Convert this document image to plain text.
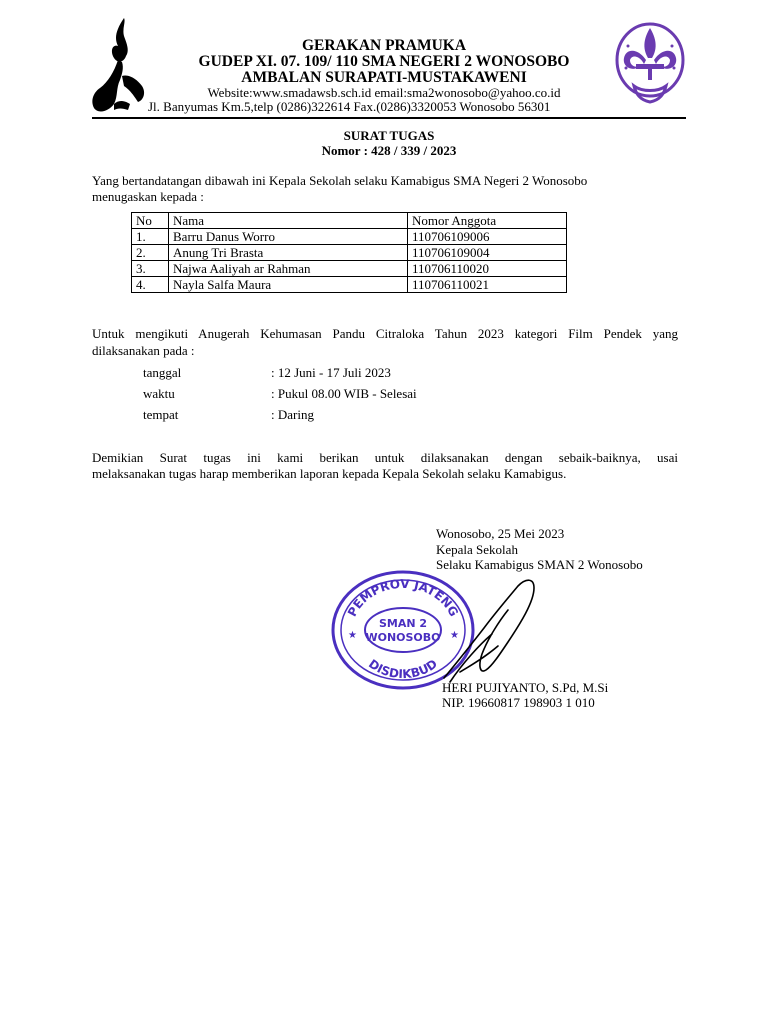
GERAKAN PRAMUKA
GUDEP XI. 07. 109/ 110 SMA NEGERI 2 WONOSOBO
AMBALAN SURAPATI-MUSTAKAWENI
Website:www.smadawsb.sch.id email:sma2wonosobo@yahoo.co.id
Jl. Banyumas Km.5,telp (0286)322614 Fax.(0286)3320053 Wonosobo 56301
SURAT TUGAS
Nomor : 428 / 339 / 2023
Yang bertandatangan dibawah ini Kepala Sekolah selaku Kamabigus SMA Negeri 2 Wonosobo
menugaskan kepada :
No	Nama	Nomor Anggota
1.	Barru Danus Worro	110706109006
2.	Anung Tri Brasta	110706109004
3.	Najwa Aaliyah ar Rahman	110706110020
4.	Nayla Salfa Maura	110706110021
Untuk mengikuti Anugerah Kehumasan Pandu Citraloka Tahun 2023 kategori Film Pendek yang
dilaksanakan pada :
tanggal	: 12 Juni - 17 Juli 2023
waktu	: Pukul 08.00 WIB - Selesai
tempat	: Daring
Demikian Surat tugas ini kami berikan untuk dilaksanakan dengan sebaik-baiknya, usai
melaksanakan tugas harap memberikan laporan kepada Kepala Sekolah selaku Kamabigus.
Wonosobo, 25 Mei 2023
Kepala Sekolah
Selaku Kamabigus SMAN 2 Wonosobo
PEMPROV JATENG
DISDIKBUD
SMAN 2
WONOSOBO
★	★
HERI PUJIYANTO, S.Pd, M.Si
NIP. 19660817 198903 1 010
